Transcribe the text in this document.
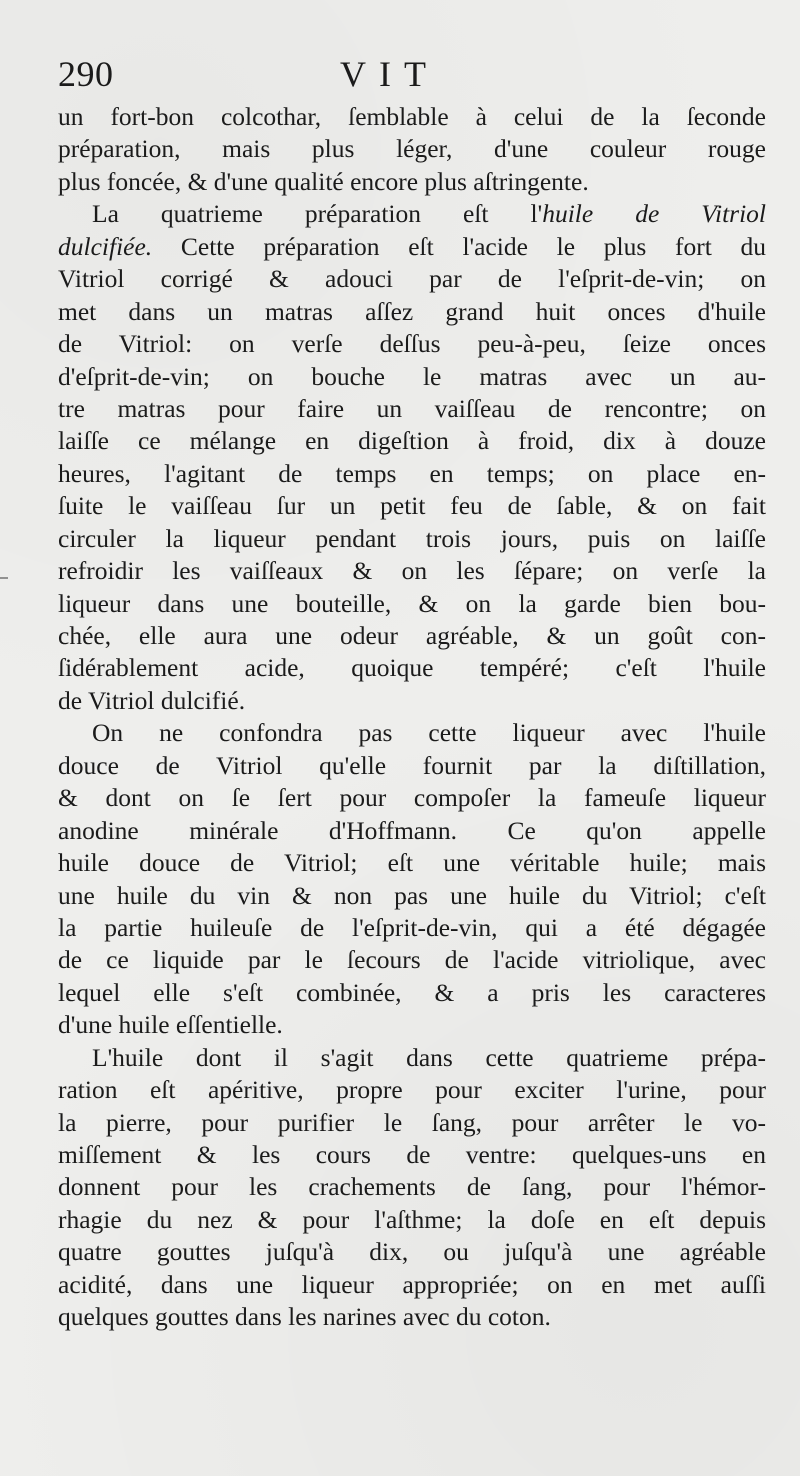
290	VIT
un fort-bon colcothar, ſemblable à celui de la ſeconde
préparation, mais plus léger, d'une couleur rouge
plus foncée, & d'une qualité encore plus aſtringente.
La quatrieme préparation eſt l'huile de Vitriol
dulcifiée. Cette préparation eſt l'acide le plus fort du
Vitriol corrigé & adouci par de l'eſprit-de-vin; on
met dans un matras aſſez grand huit onces d'huile
de Vitriol: on verſe deſſus peu-à-peu, ſeize onces
d'eſprit-de-vin; on bouche le matras avec un au-
tre matras pour faire un vaiſſeau de rencontre; on
laiſſe ce mélange en digeſtion à froid, dix à douze
heures, l'agitant de temps en temps; on place en-
ſuite le vaiſſeau ſur un petit feu de ſable, & on fait
circuler la liqueur pendant trois jours, puis on laiſſe
refroidir les vaiſſeaux & on les ſépare; on verſe la
liqueur dans une bouteille, & on la garde bien bou-
chée, elle aura une odeur agréable, & un goût con-
ſidérablement acide, quoique tempéré; c'eſt l'huile
de Vitriol dulcifié.
On ne confondra pas cette liqueur avec l'huile
douce de Vitriol qu'elle fournit par la diſtillation,
& dont on ſe ſert pour compoſer la fameuſe liqueur
anodine minérale d'Hoffmann. Ce qu'on appelle
huile douce de Vitriol; eſt une véritable huile; mais
une huile du vin & non pas une huile du Vitriol; c'eſt
la partie huileuſe de l'eſprit-de-vin, qui a été dégagée
de ce liquide par le ſecours de l'acide vitriolique, avec
lequel elle s'eſt combinée, & a pris les caracteres
d'une huile eſſentielle.
L'huile dont il s'agit dans cette quatrieme prépa-
ration eſt apéritive, propre pour exciter l'urine, pour
la pierre, pour purifier le ſang, pour arrêter le vo-
miſſement & les cours de ventre: quelques-uns en
donnent pour les crachements de ſang, pour l'hémor-
rhagie du nez & pour l'aſthme; la doſe en eſt depuis
quatre gouttes juſqu'à dix, ou juſqu'à une agréable
acidité, dans une liqueur appropriée; on en met auſſi
quelques gouttes dans les narines avec du coton.
